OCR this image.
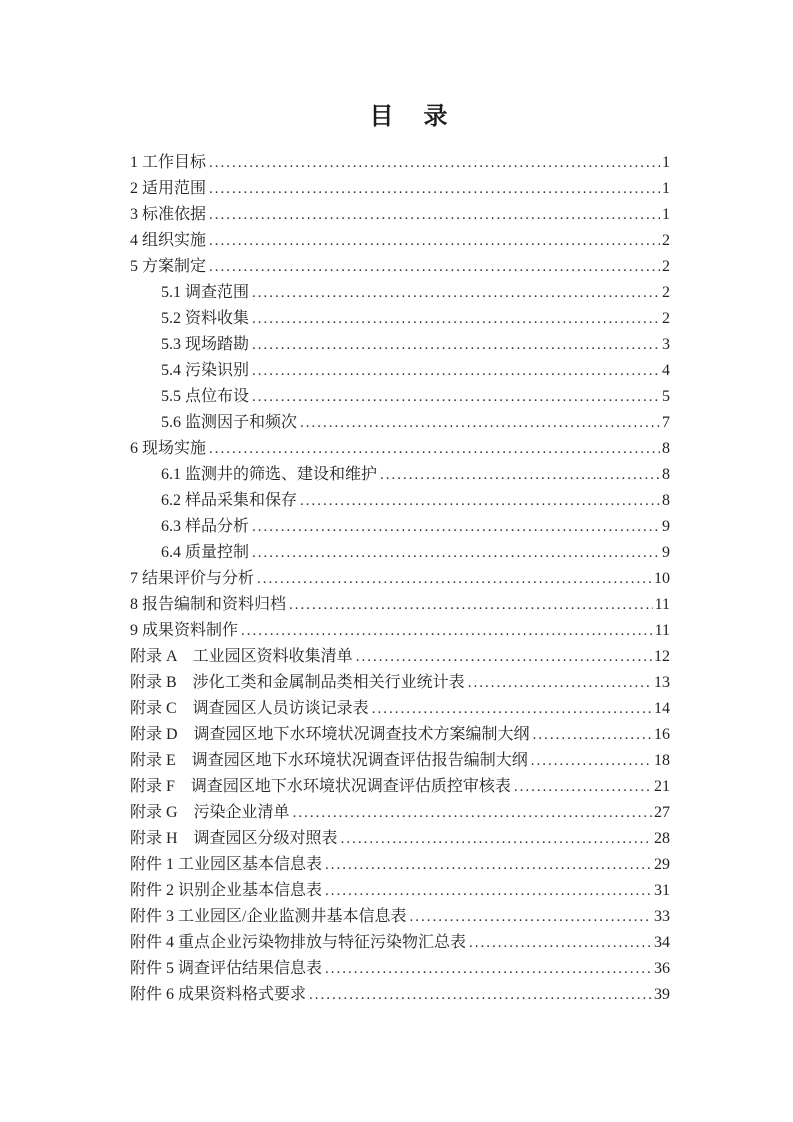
目　录
1 工作目标 .....	1
2 适用范围 .....	1
3 标准依据 .....	1
4 组织实施 .....	2
5 方案制定 .....	2
5.1 调查范围 .....	2
5.2 资料收集 .....	2
5.3 现场踏勘 .....	3
5.4 污染识别 .....	4
5.5 点位布设 .....	5
5.6 监测因子和频次 .....	7
6 现场实施 .....	8
6.1 监测井的筛选、建设和维护 .....	8
6.2 样品采集和保存 .....	8
6.3 样品分析 .....	9
6.4 质量控制 .....	9
7 结果评价与分析 .....	10
8 报告编制和资料归档 .....	11
9 成果资料制作 .....	11
附录 A　工业园区资料收集清单 .....	12
附录 B　涉化工类和金属制品类相关行业统计表 .....	13
附录 C　调查园区人员访谈记录表 .....	14
附录 D　调查园区地下水环境状况调查技术方案编制大纲 .....	16
附录 E　调查园区地下水环境状况调查评估报告编制大纲 .....	18
附录 F　调查园区地下水环境状况调查评估质控审核表 .....	21
附录 G　污染企业清单 .....	27
附录 H　调查园区分级对照表 .....	28
附件 1 工业园区基本信息表 .....	29
附件 2 识别企业基本信息表 .....	31
附件 3 工业园区/企业监测井基本信息表 .....	33
附件 4 重点企业污染物排放与特征污染物汇总表 .....	34
附件 5 调查评估结果信息表 .....	36
附件 6 成果资料格式要求 .....	39
